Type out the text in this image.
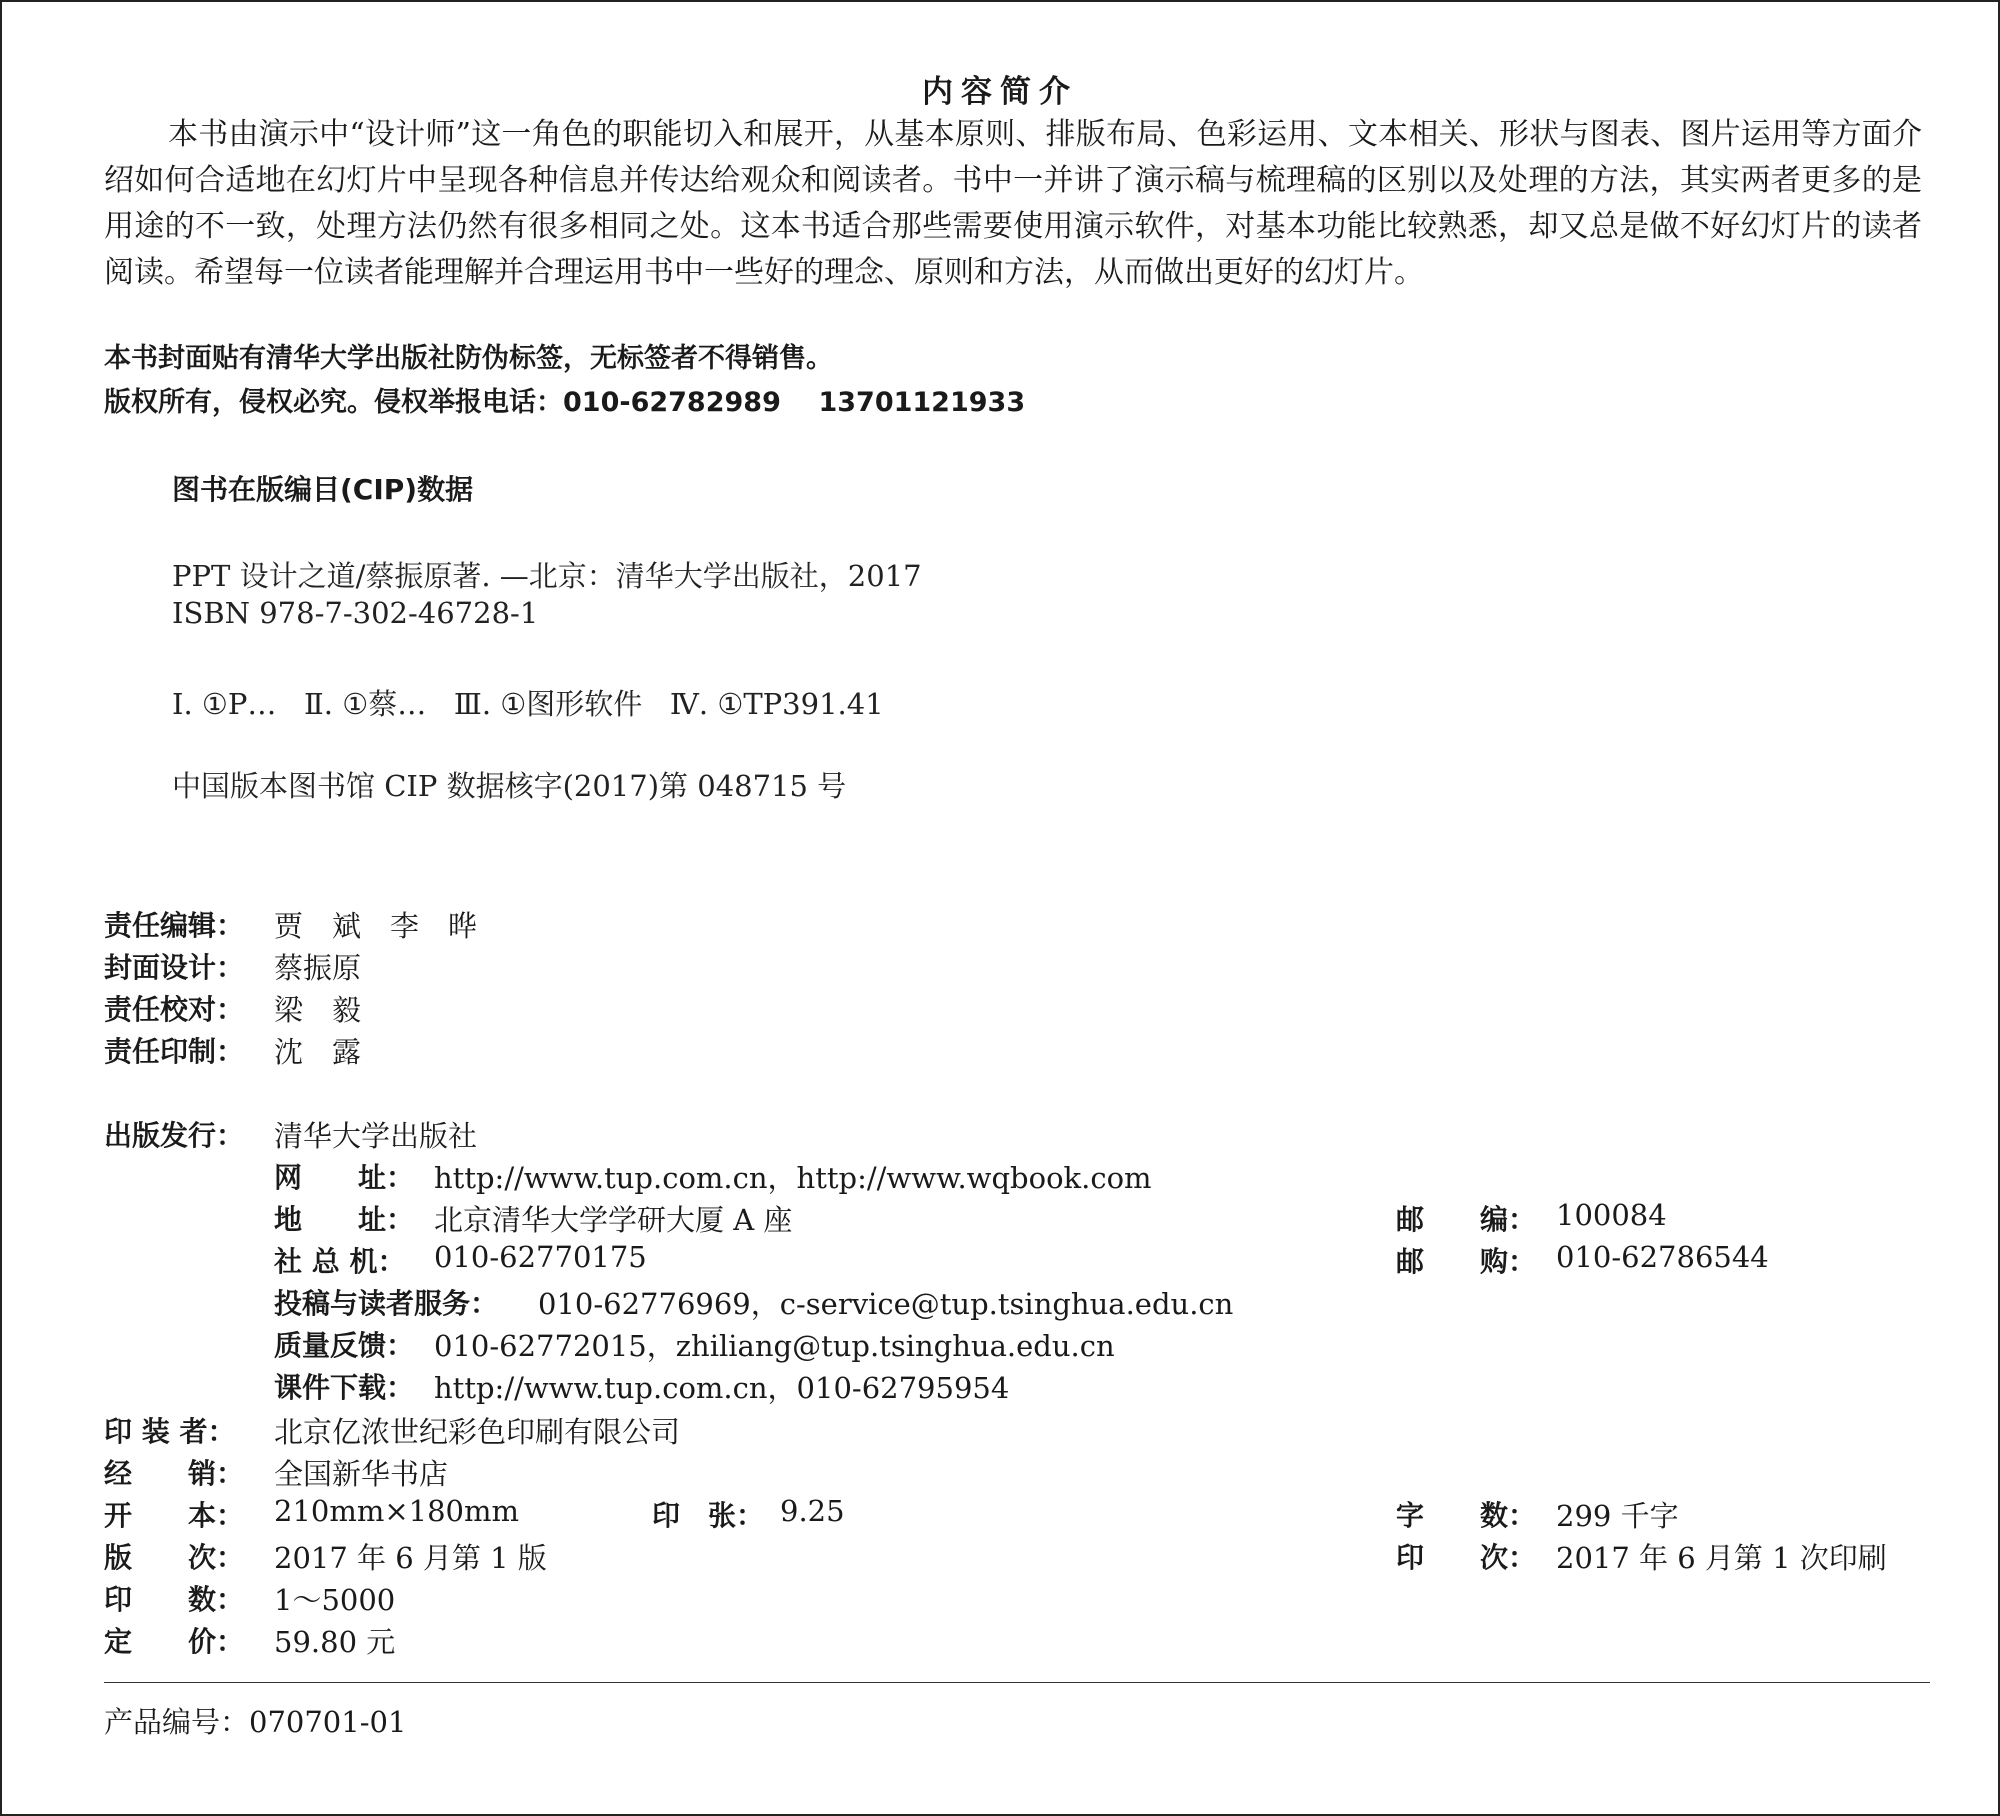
内容简介

本书由演示中“设计师”这一角色的职能切入和展开，从基本原则、排版布局、色彩运用、文本相关、形状与图表、图片运用等方面介绍如何合适地在幻灯片中呈现各种信息并传达给观众和阅读者。书中一并讲了演示稿与梳理稿的区别以及处理的方法，其实两者更多的是用途的不一致，处理方法仍然有很多相同之处。这本书适合那些需要使用演示软件，对基本功能比较熟悉，却又总是做不好幻灯片的读者阅读。希望每一位读者能理解并合理运用书中一些好的理念、原则和方法，从而做出更好的幻灯片。

本书封面贴有清华大学出版社防伪标签，无标签者不得销售。
版权所有，侵权必究。侵权举报电话：010-62782989    13701121933
图书在版编目(CIP)数据
PPT 设计之道/蔡振原著. —北京：清华大学出版社，2017
ISBN 978-7-302-46728-1
Ⅰ. ①P…   Ⅱ. ①蔡…   Ⅲ. ①图形软件   Ⅳ. ①TP391.41
中国版本图书馆 CIP 数据核字(2017)第 048715 号
责任编辑：	贾　斌　李　晔
封面设计：	蔡振原
责任校对：	梁　毅
责任印制：	沈　露
出版发行：	清华大学出版社
网　　址： http://www.tup.com.cn，http://www.wqbook.com
地　　址： 北京清华大学学研大厦 A 座	邮　　编： 100084
社 总 机： 010-62770175	邮　　购： 010-62786544
投稿与读者服务： 010-62776969，c-service@tup.tsinghua.edu.cn
质量反馈： 010-62772015，zhiliang@tup.tsinghua.edu.cn
课件下载： http://www.tup.com.cn，010-62795954
印 装 者： 北京亿浓世纪彩色印刷有限公司
经　　销： 全国新华书店
开　　本： 210mm×180mm	印　张： 9.25	字　　数： 299 千字
版　　次： 2017 年 6 月第 1 版	印　　次： 2017 年 6 月第 1 次印刷
印　　数： 1～5000
定　　价： 59.80 元
产品编号：070701-01
